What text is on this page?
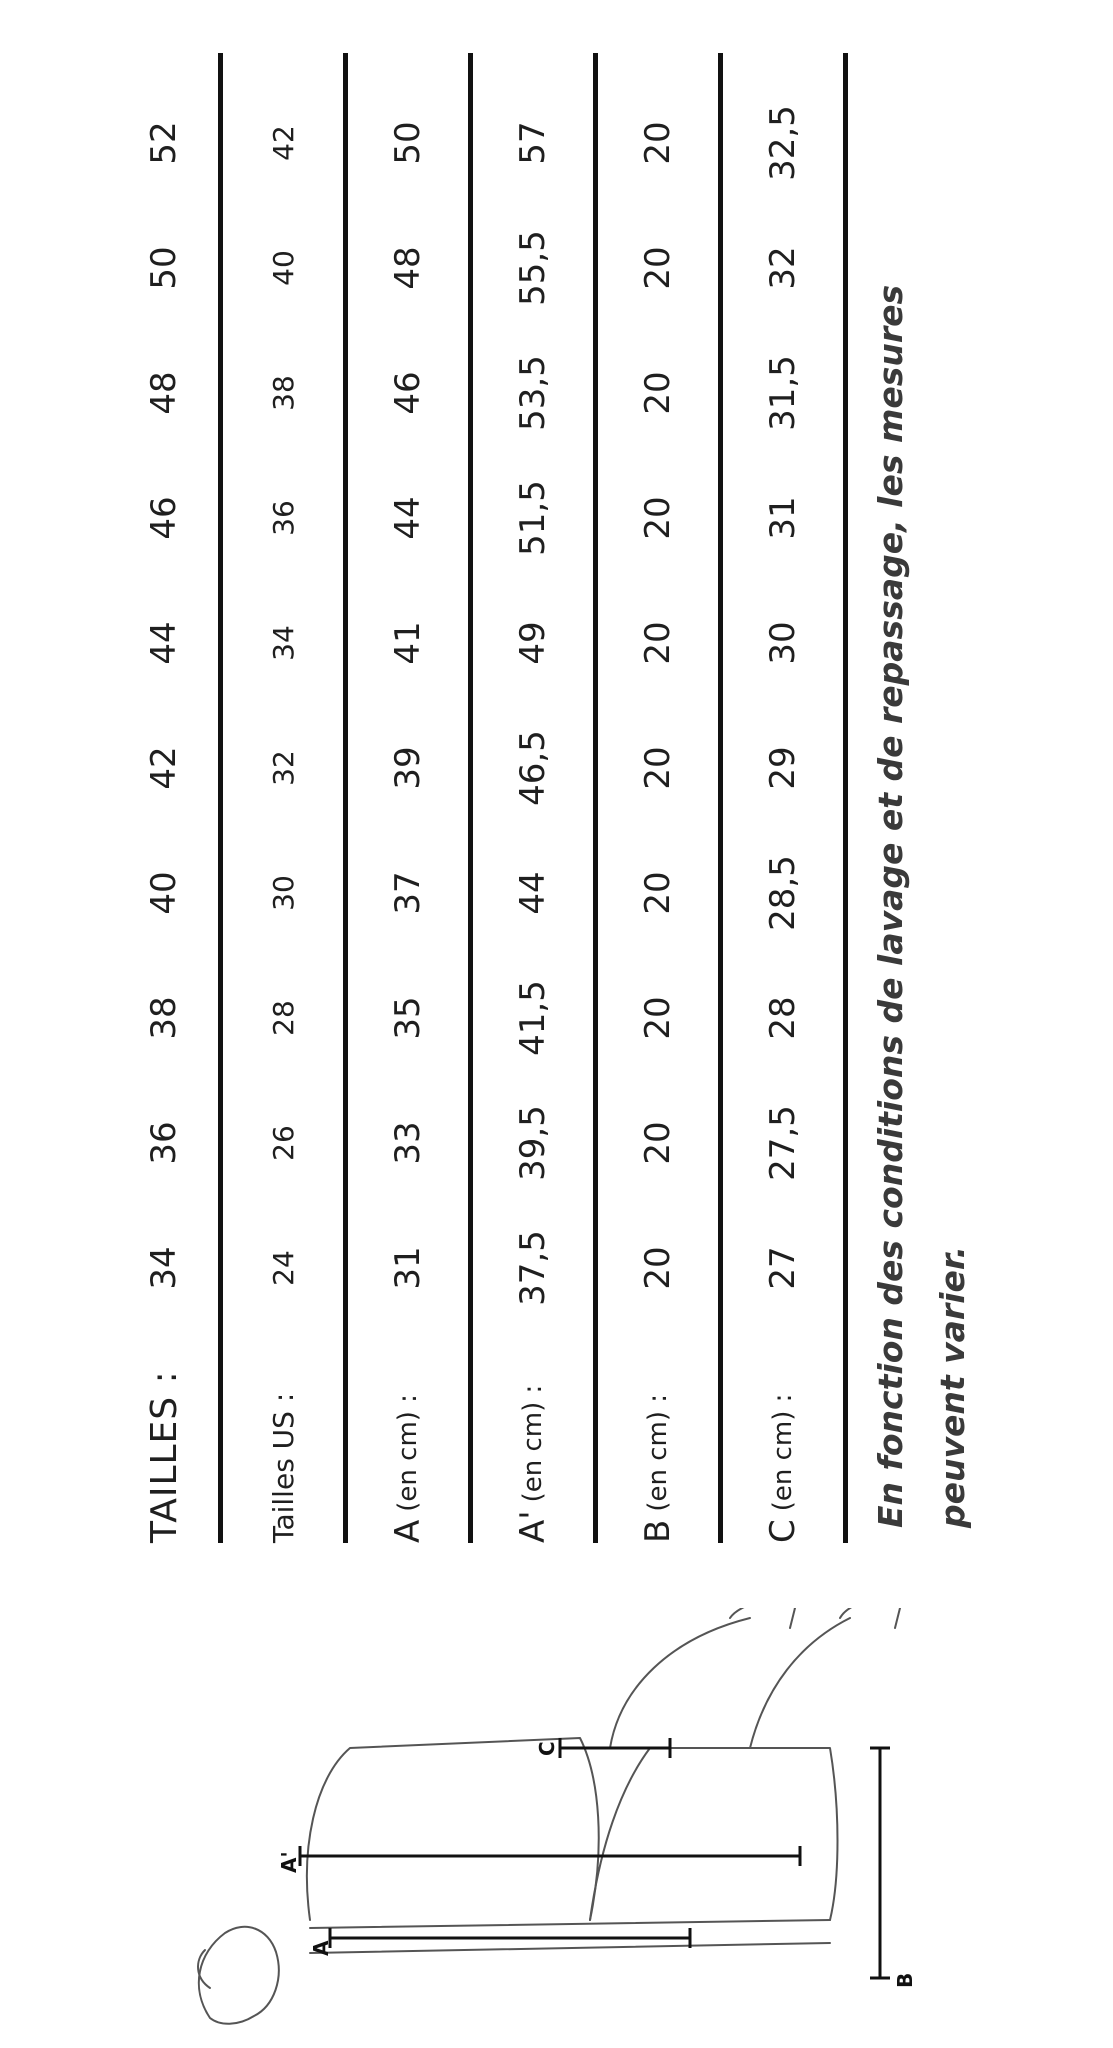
A
A'
B
C
TAILLES :
34
36
38
40
42
44
46
48
50
52
Tailles US :
24
26
28
30
32
34
36
38
40
42
A
(en cm) :
31
33
35
37
39
41
44
46
48
50
A'
(en cm) :
37,5
39,5
41,5
44
46,5
49
51,5
53,5
55,5
57
B
(en cm) :
20
20
20
20
20
20
20
20
20
20
C
(en cm) :
27
27,5
28
28,5
29
30
31
31,5
32
32,5
En fonction des conditions de lavage et de repassage, les mesures peuvent varier.
